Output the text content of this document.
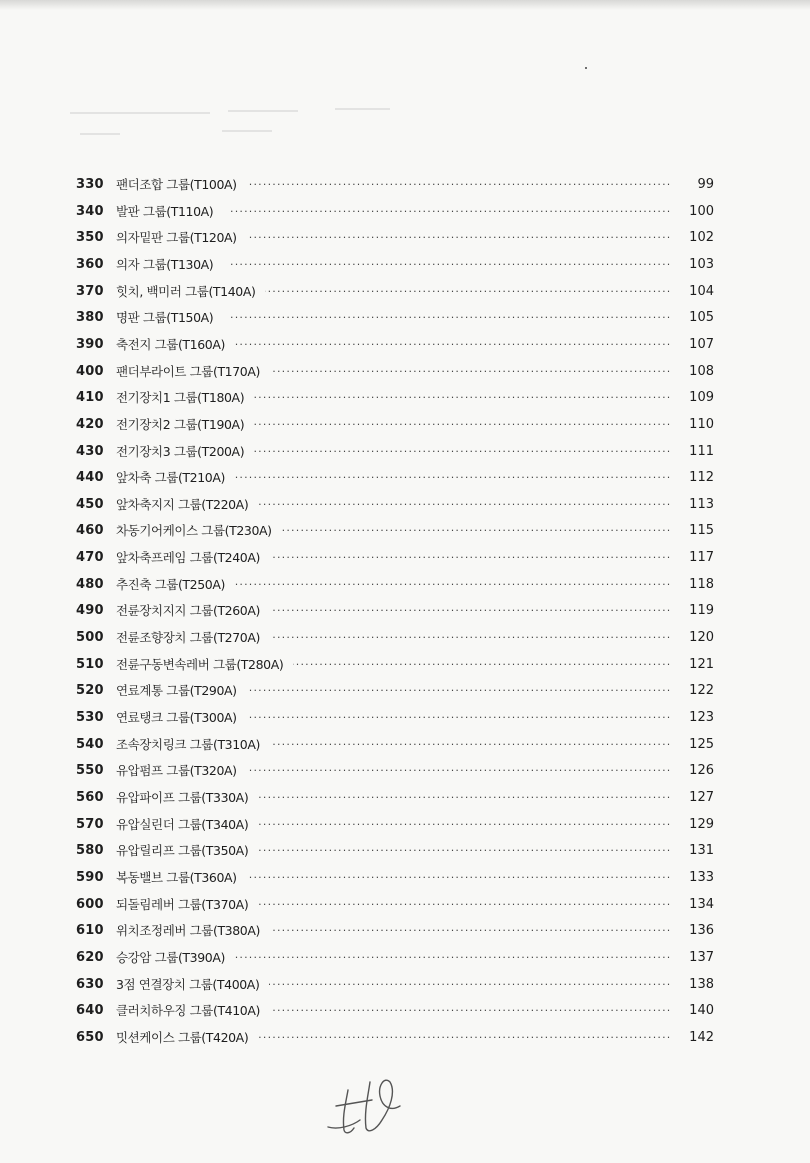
330 ····· 팬더조합 그룹(T100A)	99
340 ····· 발판 그룹(T110A)	100
350 ····· 의자밑판 그룹(T120A)	102
360 ····· 의자 그룹(T130A)	103
370 ····· 힛치, 백미러 그룹(T140A)	104
380 ····· 명판 그룹(T150A)	105
390 ····· 축전지 그룹(T160A)	107
400 ····· 팬더부라이트 그룹(T170A)	108
410 ····· 전기장치1 그룹(T180A)	109
420 ····· 전기장치2 그룹(T190A)	110
430 ····· 전기장치3 그룹(T200A)	111
440 ····· 앞차축 그룹(T210A)	112
450 ····· 앞차축지지 그룹(T220A)	113
460 ····· 차동기어케이스 그룹(T230A)	115
470 ····· 앞차축프레임 그룹(T240A)	117
480 ····· 추진축 그룹(T250A)	118
490 ····· 전륜장치지지 그룹(T260A)	119
500 ····· 전륜조향장치 그룹(T270A)	120
510 ····· 전륜구동변속레버 그룹(T280A)	121
520 ····· 연료계통 그룹(T290A)	122
530 ····· 연료탱크 그룹(T300A)	123
540 ····· 조속장치링크 그룹(T310A)	125
550 ····· 유압펌프 그룹(T320A)	126
560 ····· 유압파이프 그룹(T330A)	127
570 ····· 유압실린더 그룹(T340A)	129
580 ····· 유압릴리프 그룹(T350A)	131
590 ····· 복동밸브 그룹(T360A)	133
600 ····· 되돌림레버 그룹(T370A)	134
610 ····· 위치조정레버 그룹(T380A)	136
620 ····· 승강암 그룹(T390A)	137
630 ····· 3점 연결장치 그룹(T400A)	138
640 ····· 클러치하우징 그룹(T410A)	140
650 ····· 밋션케이스 그룹(T420A)	142
